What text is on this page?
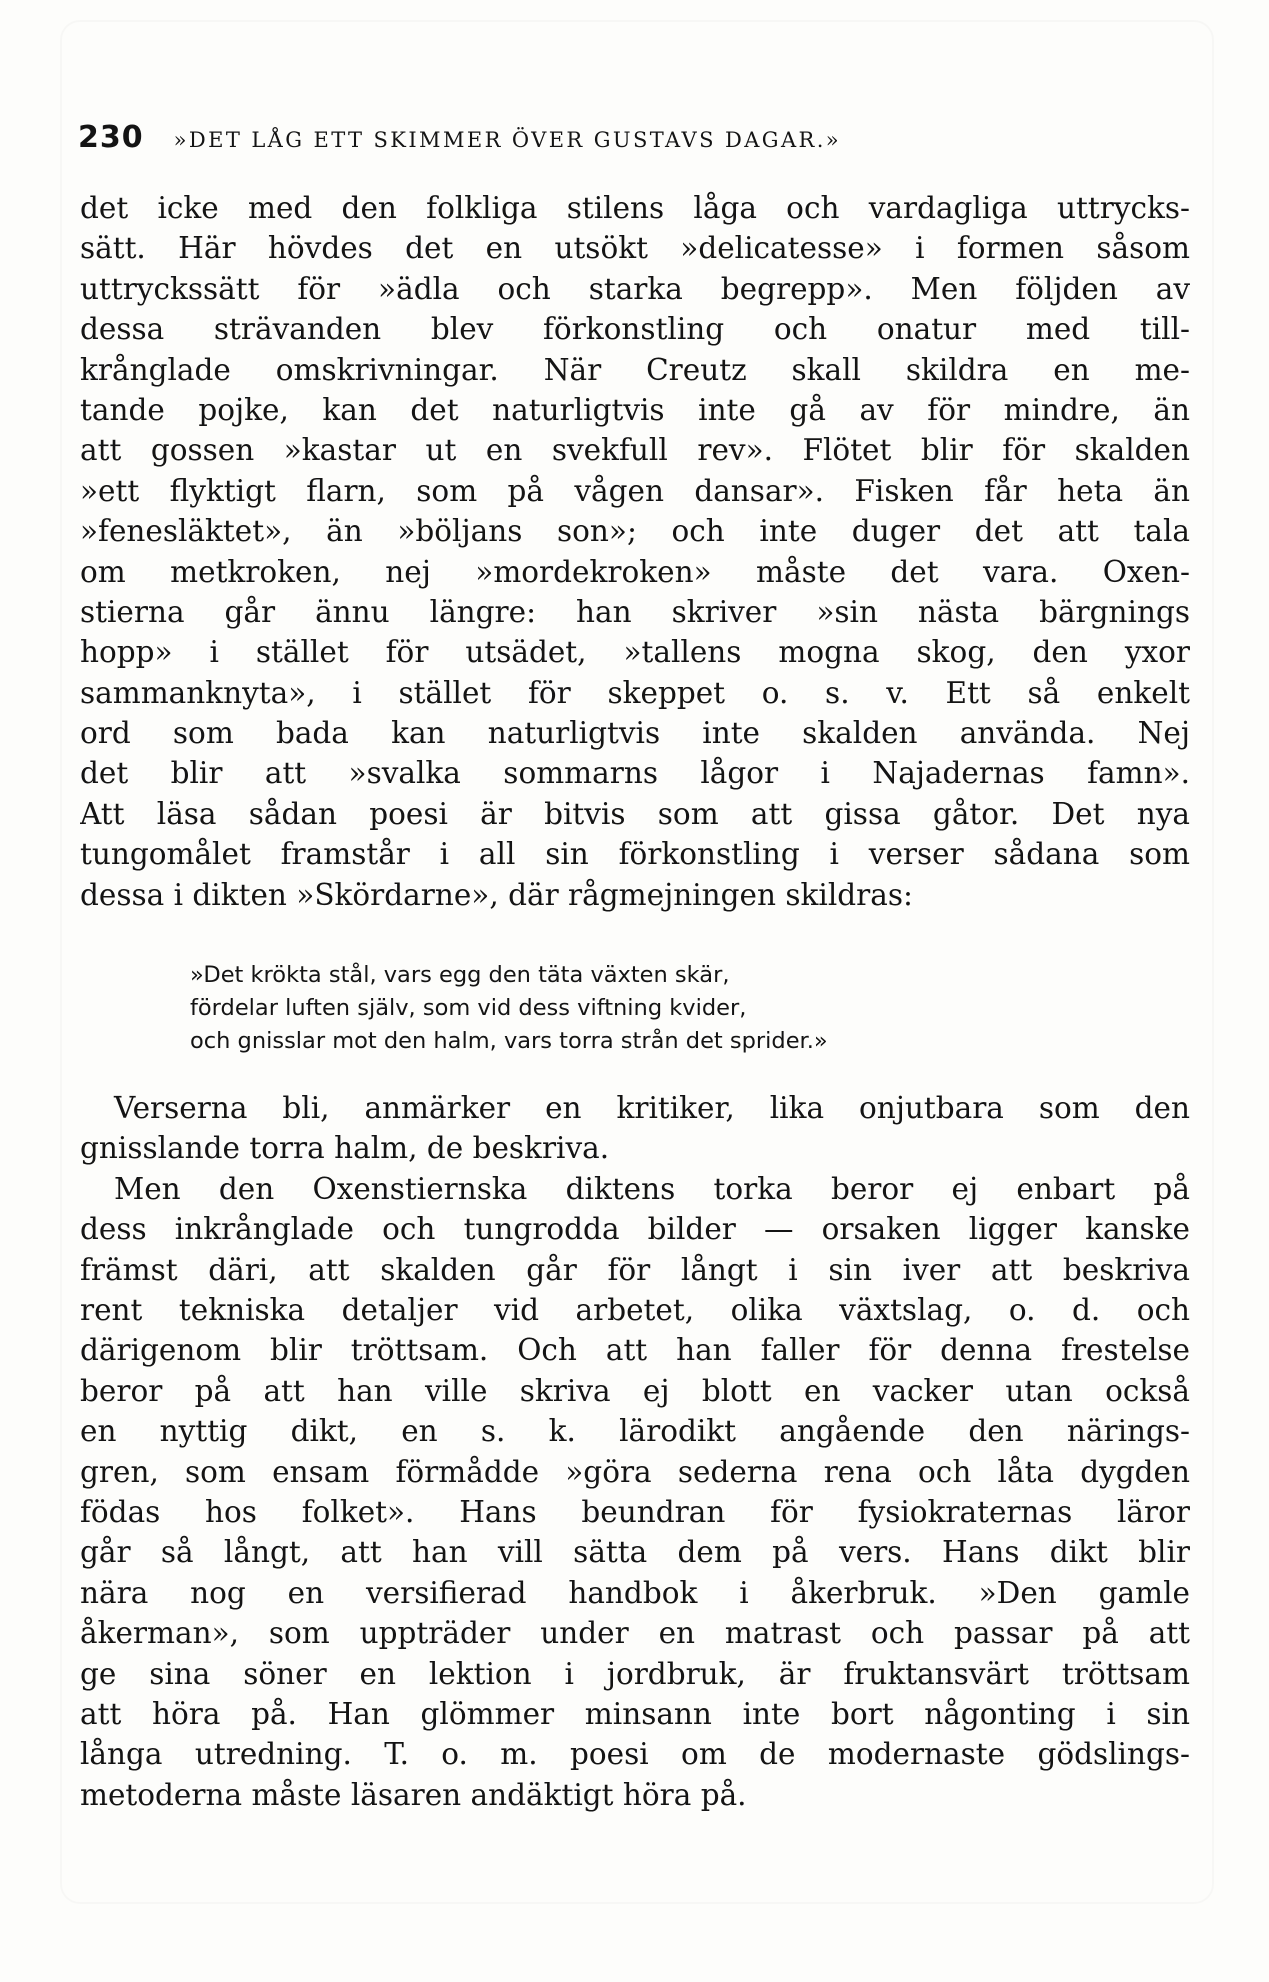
230 »DET LÅG ETT SKIMMER ÖVER GUSTAVS DAGAR.»
det icke med den folkliga stilens låga och vardagliga uttrycks-
sätt. Här hövdes det en utsökt »delicatesse» i formen såsom
uttryckssätt för »ädla och starka begrepp». Men följden av
dessa strävanden blev förkonstling och onatur med till-
krånglade omskrivningar. När Creutz skall skildra en me-
tande pojke, kan det naturligtvis inte gå av för mindre, än
att gossen »kastar ut en svekfull rev». Flötet blir för skalden
»ett flyktigt flarn, som på vågen dansar». Fisken får heta än
»fenesläktet», än »böljans son»; och inte duger det att tala
om metkroken, nej »mordekroken» måste det vara. Oxen-
stierna går ännu längre: han skriver »sin nästa bärgnings
hopp» i stället för utsädet, »tallens mogna skog, den yxor
sammanknyta», i stället för skeppet o. s. v. Ett så enkelt
ord som bada kan naturligtvis inte skalden använda. Nej
det blir att »svalka sommarns lågor i Najadernas famn».
Att läsa sådan poesi är bitvis som att gissa gåtor. Det nya
tungomålet framstår i all sin förkonstling i verser sådana som
dessa i dikten »Skördarne», där rågmejningen skildras:
»Det krökta stål, vars egg den täta växten skär,
fördelar luften själv, som vid dess viftning kvider,
och gnisslar mot den halm, vars torra strån det sprider.»
Verserna bli, anmärker en kritiker, lika onjutbara som den
gnisslande torra halm, de beskriva.
Men den Oxenstiernska diktens torka beror ej enbart på
dess inkrånglade och tungrodda bilder — orsaken ligger kanske
främst däri, att skalden går för långt i sin iver att beskriva
rent tekniska detaljer vid arbetet, olika växtslag, o. d. och
därigenom blir tröttsam. Och att han faller för denna frestelse
beror på att han ville skriva ej blott en vacker utan också
en nyttig dikt, en s. k. lärodikt angående den närings-
gren, som ensam förmådde »göra sederna rena och låta dygden
födas hos folket». Hans beundran för fysiokraternas läror
går så långt, att han vill sätta dem på vers. Hans dikt blir
nära nog en versifierad handbok i åkerbruk. »Den gamle
åkerman», som uppträder under en matrast och passar på att
ge sina söner en lektion i jordbruk, är fruktansvärt tröttsam
att höra på. Han glömmer minsann inte bort någonting i sin
långa utredning. T. o. m. poesi om de modernaste gödslings-
metoderna måste läsaren andäktigt höra på.
